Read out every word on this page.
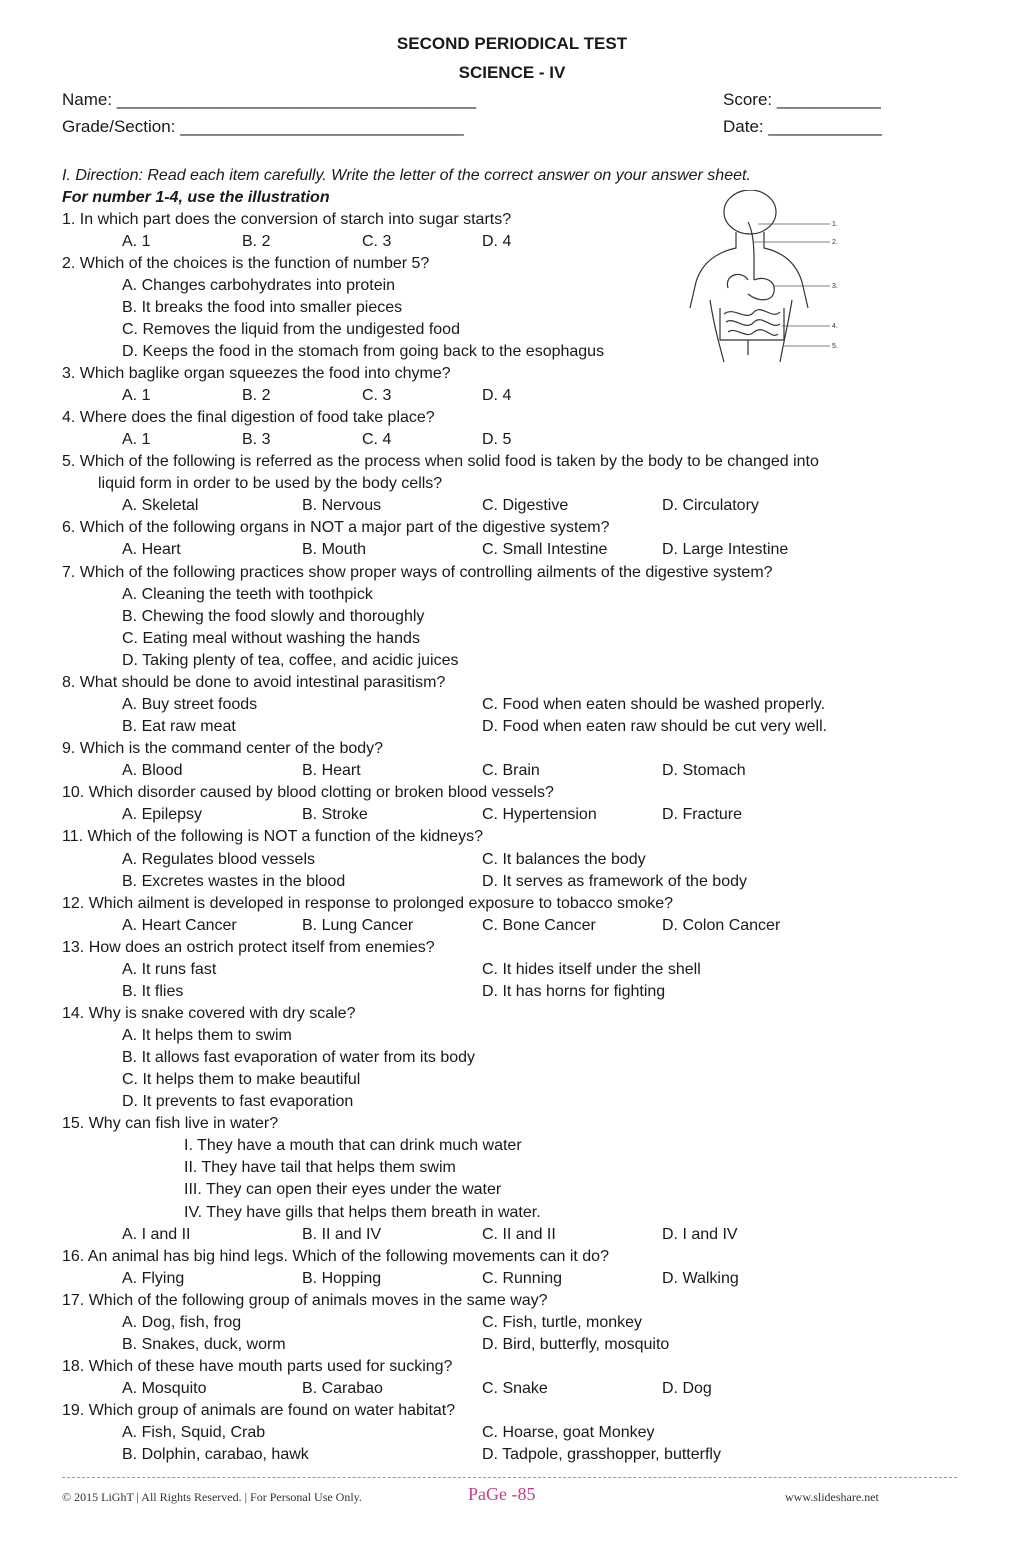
SECOND PERIODICAL TEST
SCIENCE - IV
Name: ______________________________________	Score: ___________
Grade/Section: ______________________________	Date: ____________
I. Direction: Read each item carefully. Write the letter of the correct answer on your answer sheet.
For number 1-4, use the illustration
1. In which part does the conversion of starch into sugar starts?
A. 1	B. 2	C. 3	D. 4
2. Which of the choices is the function of number 5?
A. Changes carbohydrates into protein
B. It breaks the food into smaller pieces
C. Removes the liquid from the undigested food
D. Keeps the food in the stomach from going back to the esophagus
3. Which baglike organ squeezes the food into chyme?
A. 1	B. 2	C. 3	D. 4
4. Where does the final digestion of food take place?
A. 1	B. 3	C. 4	D. 5
5. Which of the following is referred as the process when solid food is taken by the body to be changed into
liquid form in order to be used by the body cells?
A. Skeletal	B. Nervous	C. Digestive	D. Circulatory
6. Which of the following organs in NOT a major part of the digestive system?
A. Heart	B. Mouth	C. Small Intestine	D. Large Intestine
7. Which of the following practices show proper ways of controlling ailments of the digestive system?
A. Cleaning the teeth with toothpick
B. Chewing the food slowly and thoroughly
C. Eating meal without washing the hands
D. Taking plenty of tea, coffee, and acidic juices
8. What should be done to avoid intestinal parasitism?
A. Buy street foods	C. Food when eaten should be washed properly.
B. Eat raw meat	D. Food when eaten raw should be cut very well.
9. Which is the command center of the body?
A. Blood	B. Heart	C. Brain	D. Stomach
10. Which disorder caused by blood clotting or broken blood vessels?
A. Epilepsy	B. Stroke	C. Hypertension	D. Fracture
11. Which of the following is NOT a function of the kidneys?
A. Regulates blood vessels	C. It balances the body
B. Excretes wastes in the blood	D. It serves as framework of the body
12. Which ailment is developed in response to prolonged exposure to tobacco smoke?
A. Heart Cancer	B. Lung Cancer	C. Bone Cancer	D. Colon Cancer
13. How does an ostrich protect itself from enemies?
A. It runs fast	C. It hides itself under the shell
B. It flies	D. It has horns for fighting
14. Why is snake covered with dry scale?
A. It helps them to swim
B. It allows fast evaporation of water from its body
C. It helps them to make beautiful
D. It prevents to fast evaporation
15. Why can fish live in water?
I. They have a mouth that can drink much water
II. They have tail that helps them swim
III. They can open their eyes under the water
IV. They have gills that helps them breath in water.
A. I and II	B. II and IV	C. II and II	D. I and IV
16. An animal has big hind legs. Which of the following movements can it do?
A. Flying	B. Hopping	C. Running	D. Walking
17. Which of the following group of animals moves in the same way?
A. Dog, fish, frog	C. Fish, turtle, monkey
B. Snakes, duck, worm	D. Bird, butterfly, mosquito
18. Which of these have mouth parts used for sucking?
A. Mosquito	B. Carabao	C. Snake	D. Dog
19. Which group of animals are found on water habitat?
A. Fish, Squid, Crab	C. Hoarse, goat Monkey
B. Dolphin, carabao, hawk	D. Tadpole, grasshopper, butterfly
1.
2.
3.
4.
5.
© 2015 LiGhT | All Rights Reserved. | For Personal Use Only.	PaGe -85	www.slideshare.net
